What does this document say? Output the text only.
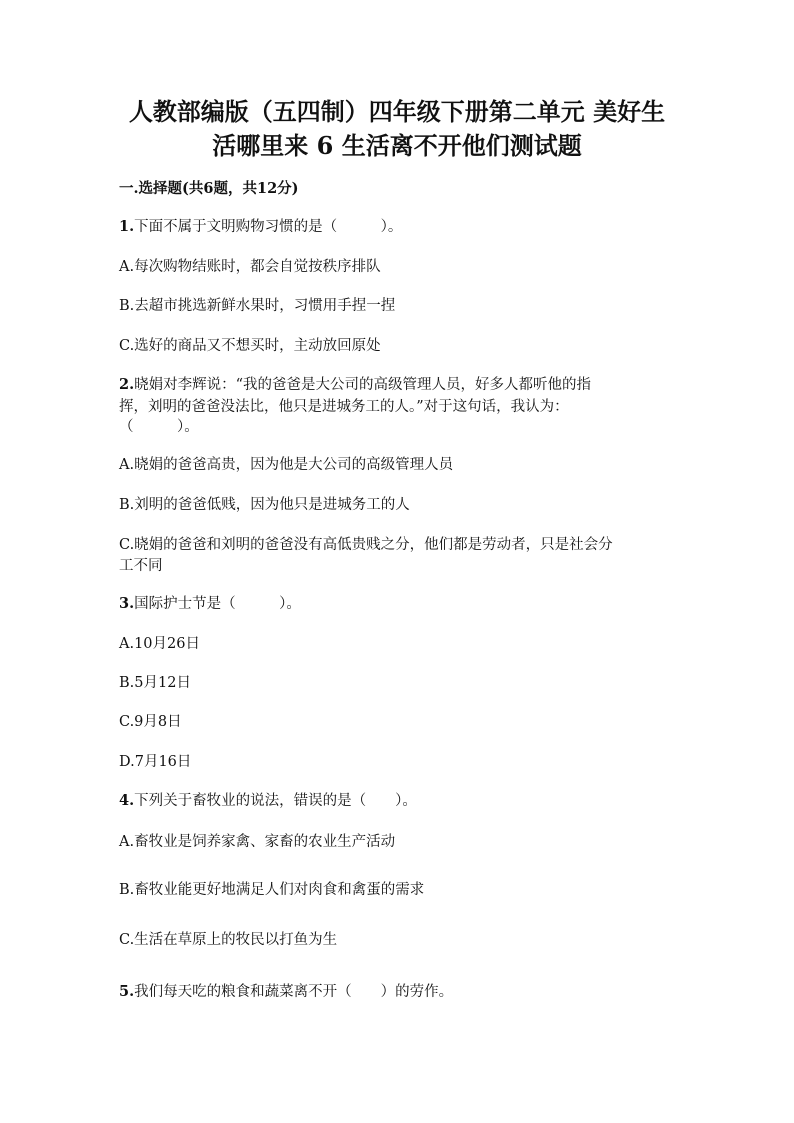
人教部编版（五四制）四年级下册第二单元 美好生
活哪里来 6 生活离不开他们测试题
一.选择题(共6题，共12分)
1.下面不属于文明购物习惯的是（　　　）。
A.每次购物结账时，都会自觉按秩序排队
B.去超市挑选新鲜水果时，习惯用手捏一捏
C.选好的商品又不想买时，主动放回原处
2.晓娟对李辉说：“我的爸爸是大公司的高级管理人员，好多人都听他的指
挥，刘明的爸爸没法比，他只是进城务工的人。”对于这句话，我认为：
（　　　）。
A.晓娟的爸爸高贵，因为他是大公司的高级管理人员
B.刘明的爸爸低贱，因为他只是进城务工的人
C.晓娟的爸爸和刘明的爸爸没有高低贵贱之分，他们都是劳动者，只是社会分
工不同
3.国际护士节是（　　　）。
A.10月26日
B.5月12日
C.9月8日
D.7月16日
4.下列关于畜牧业的说法，错误的是（　　）。
A.畜牧业是饲养家禽、家畜的农业生产活动
B.畜牧业能更好地满足人们对肉食和禽蛋的需求
C.生活在草原上的牧民以打鱼为生
5.我们每天吃的粮食和蔬菜离不开（　　）的劳作。
